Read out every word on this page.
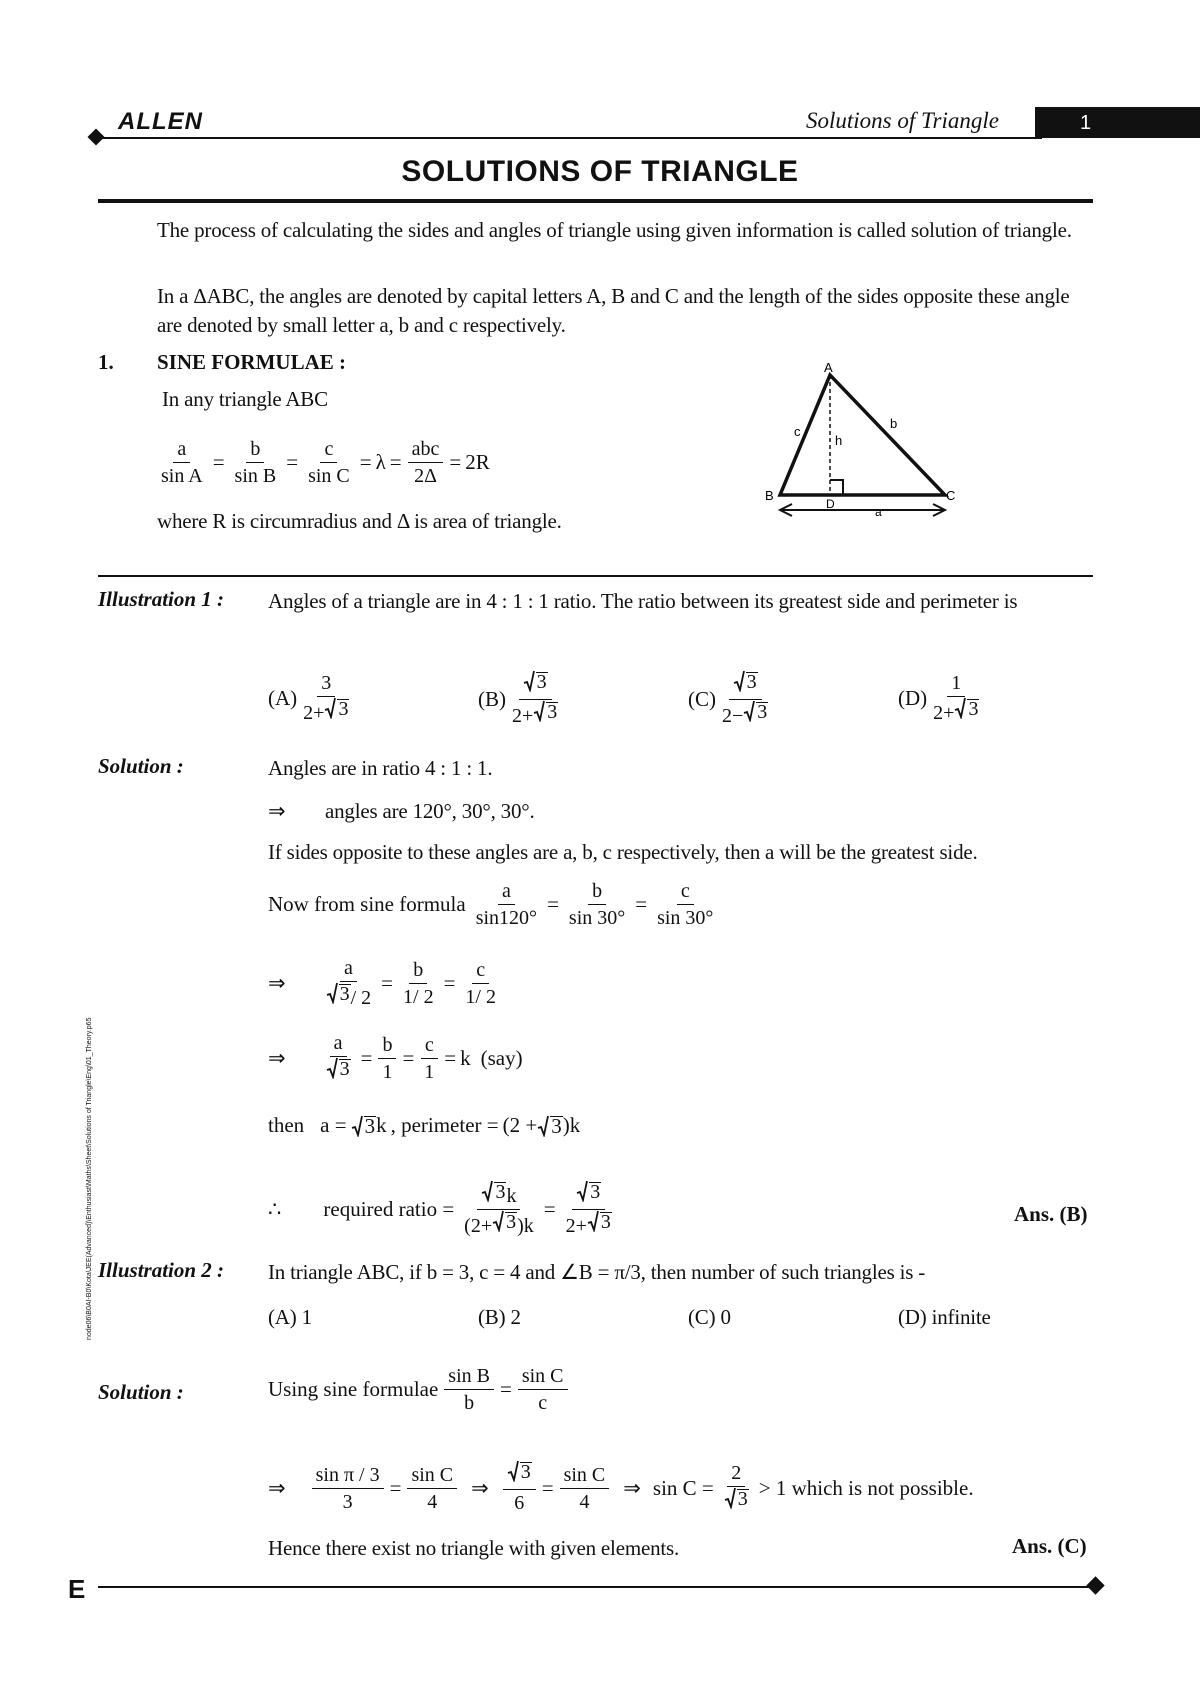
ALLEN	Solutions of Triangle	1
SOLUTIONS OF TRIANGLE
The process of calculating the sides and angles of triangle using given information is called solution of triangle.
In a ΔABC, the angles are denoted by capital letters A, B and C and the length of the sides opposite these angle are denoted by small letter a, b and c respectively.
1. SINE FORMULAE :
In any triangle ABC
$\frac{a}{\text{sin A}} = \frac{b}{\text{sin B}} = \frac{c}{\text{sin C}} = \lambda = \frac{\text{abc}}{2\Delta} = 2R$
where R is circumradius and Δ is area of triangle.
A
B	C
D
a
b
c
h
Illustration 1 : Angles of a triangle are in 4 : 1 : 1 ratio. The ratio between its greatest side and perimeter is
$(A) \frac{3}{2+ 3}$	$(B) \frac{3}{2+ 3}$	$(C) \frac{3}{2- 3}$	$(D) \frac{1}{2+ 3}$
Solution :	Angles are in ratio 4 : 1 : 1.
⇒ angles are 120°, 30°, 30°.
If sides opposite to these angles are a, b, c respectively, then a will be the greatest side.
Now from sine formula $\frac{a}{\sin 120^\circ} = \frac{b}{\sin 30^\circ} = \frac{c}{\sin 30^\circ}$
⇒ $\frac{a}{3 / 2} = \frac{b}{1/ 2} = \frac{c}{1/ 2}$
⇒ $\frac{a}{3} = \frac{b}{1} = \frac{c}{1} = k$ (say)
then a = 3 k , perimeter = (2 + 3 )k
∴ required ratio = $\frac{3 k}{(2+ 3 )k} = \frac{3}{2+ 3}$	Ans. (B)
Illustration 2 : In triangle ABC, if b = 3, c = 4 and ∠B = π/3, then number of such triangles is -
(A) 1	(B) 2	(C) 0	(D) infinite
Solution :	Using sine formulae $\frac{\text{sin B}}{b} = \frac{\text{sin C}}{c}$
⇒ $\frac{\text{sin π / 3}}{3} = \frac{\text{sin C}}{4}$ ⇒ $\frac{3}{6} = \frac{\text{sin C}}{4}$ ⇒ $\sin C = \frac{2}{3} > 1$ which is not possible.
Hence there exist no triangle with given elements.	Ans. (C)
node06\B0AI-B0\Kota\JEE(Advanced)\Enthusiast\Maths\Sheet\Solutions of Triangle\Eng\01_Theory.p65
E
